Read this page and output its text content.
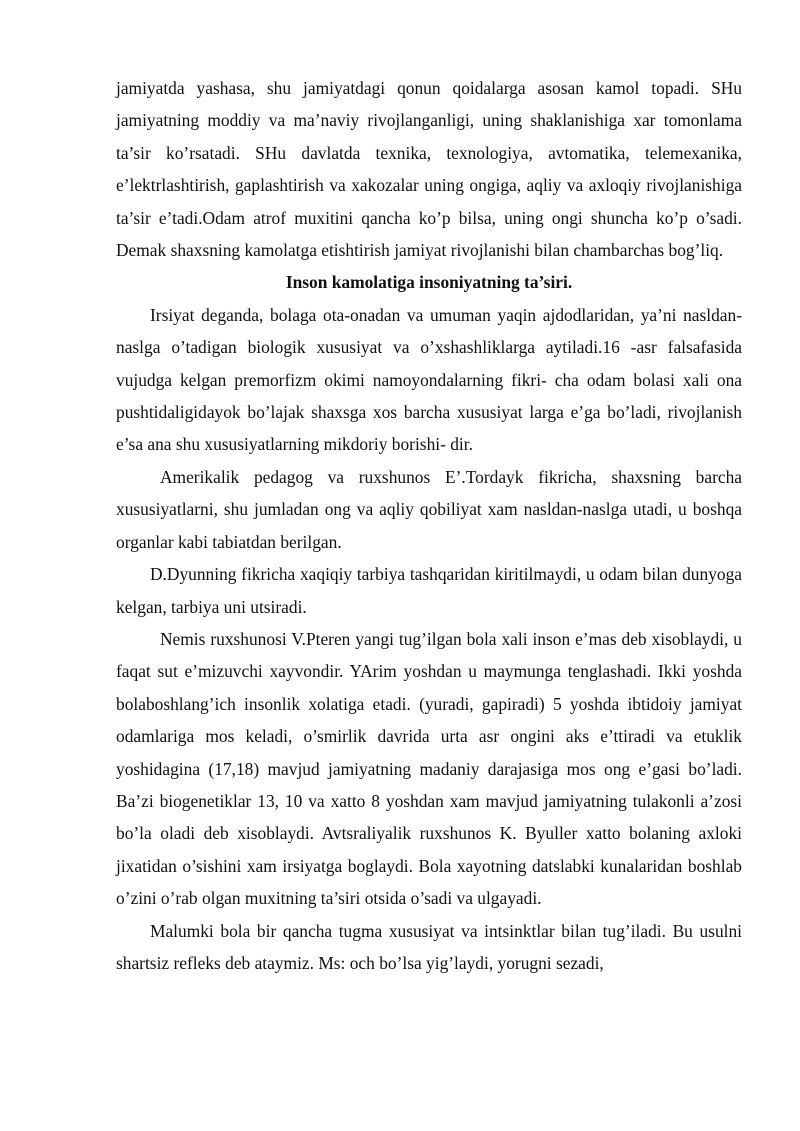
jamiyatda yashasa, shu jamiyatdagi qonun qoidalarga asosan kamol topadi. SHu jamiyatning moddiy va ma’naviy rivojlanganligi, uning shaklanishiga xar tomonlama ta’sir ko’rsatadi. SHu davlatda texnika, texnologiya, avtomatika, telemexanika, e’lektrlashtirish, gaplashtirish va xakozalar uning ongiga, aqliy va axloqiy rivojlanishiga ta’sir e’tadi.Odam atrof muxitini qancha ko’p bilsa, uning ongi shuncha ko’p o’sadi. Demak shaxsning kamolatga etishtirish jamiyat rivojlanishi bilan chambarchas bog’liq.

Inson kamolatiga insoniyatning ta’siri.

Irsiyat deganda, bolaga ota-onadan va umuman yaqin ajdodlaridan, ya’ni nasldan-naslga o’tadigan biologik xususiyat va o’xshashliklarga aytiladi.16 -asr falsafasida vujudga kelgan premorfizm okimi namoyondalarning fikri- cha odam bolasi xali ona pushtidaligidayok bo’lajak shaxsga xos barcha xususiyat larga e’ga bo’ladi, rivojlanish e’sa ana shu xususiyatlarning mikdoriy borishi- dir.

Amerikalik pedagog va ruxshunos E’.Tordayk fikricha, shaxsning barcha xususiyatlarni, shu jumladan ong va aqliy qobiliyat xam nasldan-naslga utadi, u boshqa organlar kabi tabiatdan berilgan.

D.Dyunning fikricha xaqiqiy tarbiya tashqaridan kiritilmaydi, u odam bilan dunyoga kelgan, tarbiya uni utsiradi.

Nemis ruxshunosi V.Pteren yangi tug’ilgan bola xali inson e’mas deb xisoblaydi, u faqat sut e’mizuvchi xayvondir. YArim yoshdan u maymunga tenglashadi. Ikki yoshda bolaboshlang’ich insonlik xolatiga etadi. (yuradi, gapiradi) 5 yoshda ibtidoiy jamiyat odamlariga mos keladi, o’smirlik davrida urta asr ongini aks e’ttiradi va etuklik yoshidagina (17,18) mavjud jamiyatning madaniy darajasiga mos ong e’gasi bo’ladi. Ba’zi biogenetiklar 13, 10 va xatto 8 yoshdan xam mavjud jamiyatning tulakonli a’zosi bo’la oladi deb xisoblaydi. Avtsraliyalik ruxshunos K. Byuller xatto bolaning axloki jixatidan o’sishini xam irsiyatga boglaydi. Bola xayotning datslabki kunalaridan boshlab o’zini o’rab olgan muxitning ta’siri otsida o’sadi va ulgayadi.

Malumki bola bir qancha tugma xususiyat va intsinktlar bilan tug’iladi. Bu usulni shartsiz refleks deb ataymiz. Ms: och bo’lsa yig’laydi, yorugni sezadi,
